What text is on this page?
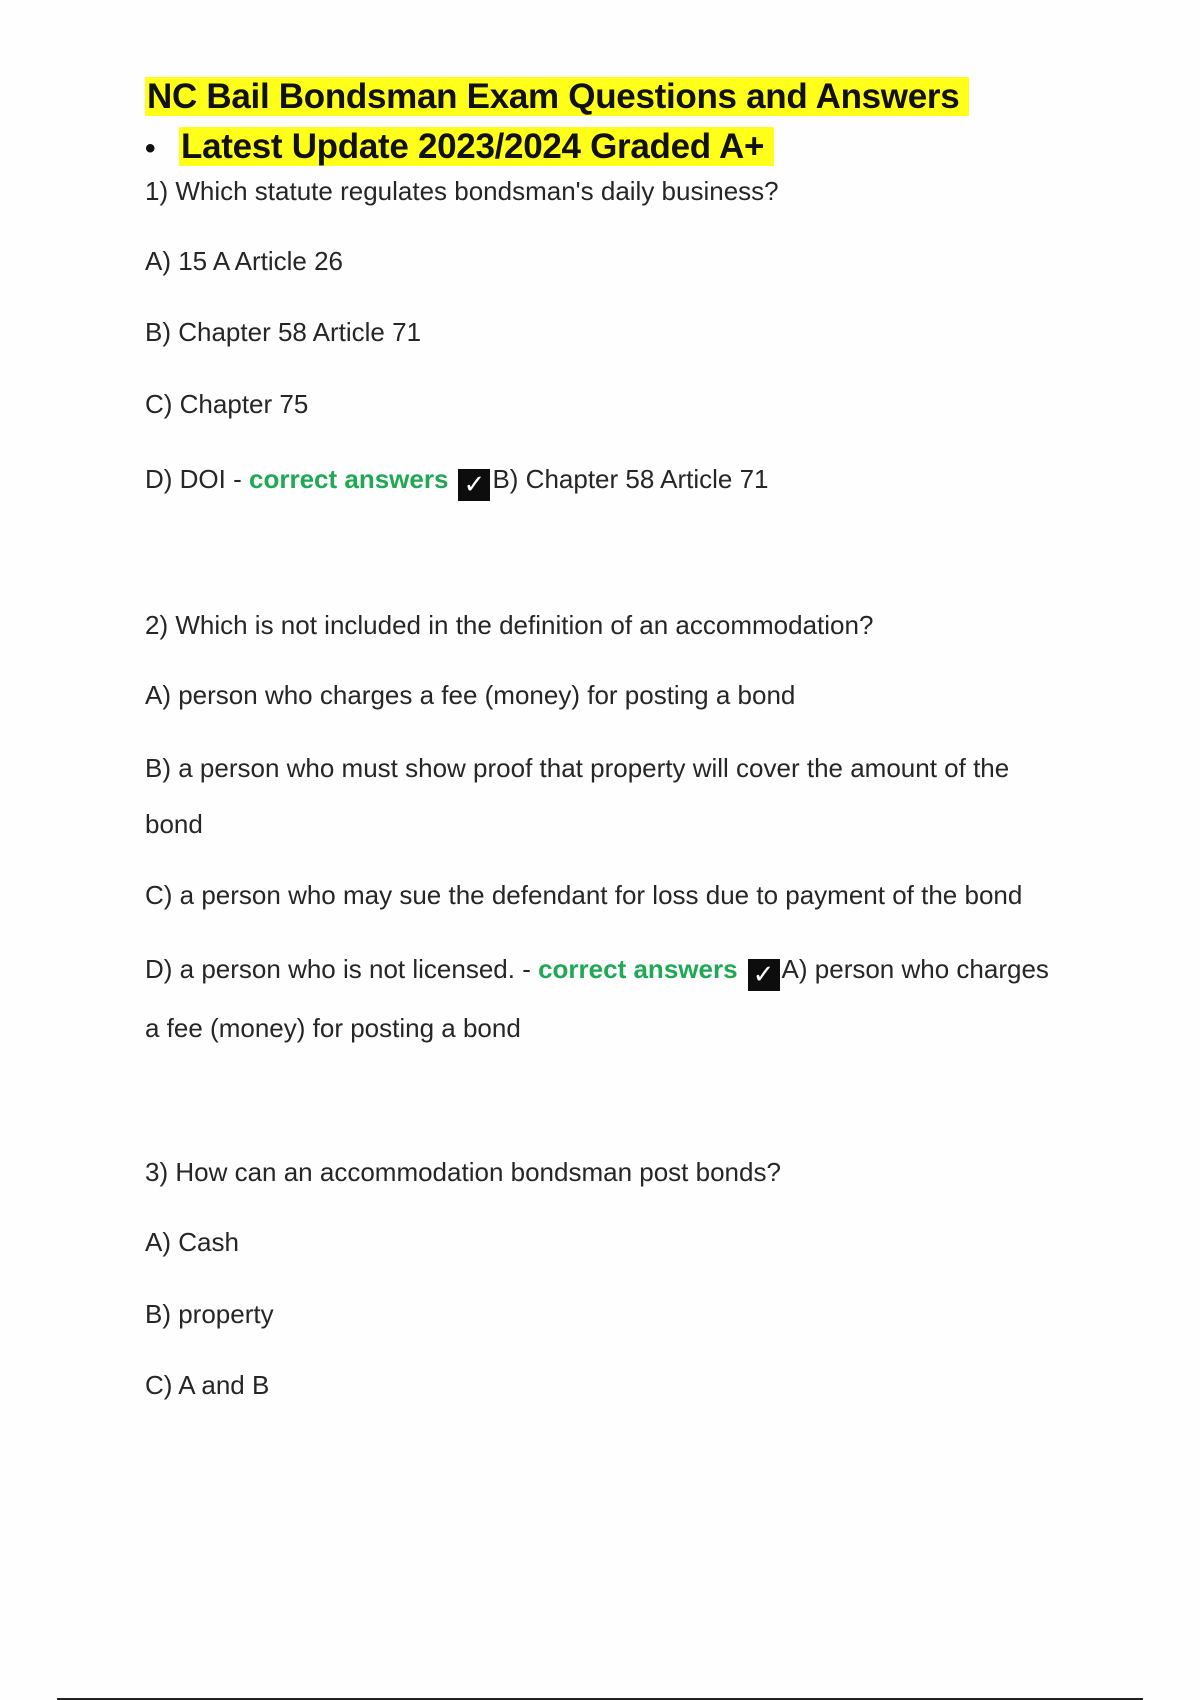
NC Bail Bondsman Exam Questions and Answers
• Latest Update 2023/2024 Graded A+
1) Which statute regulates bondsman's daily business?
A) 15 A Article 26
B) Chapter 58 Article 71
C) Chapter 75
D) DOI - correct answers ✓ B) Chapter 58 Article 71
2) Which is not included in the definition of an accommodation?
A) person who charges a fee (money) for posting a bond
B) a person who must show proof that property will cover the amount of the
bond
C) a person who may sue the defendant for loss due to payment of the bond
D) a person who is not licensed. - correct answers ✓ A) person who charges
a fee (money) for posting a bond
3) How can an accommodation bondsman post bonds?
A) Cash
B) property
C) A and B
